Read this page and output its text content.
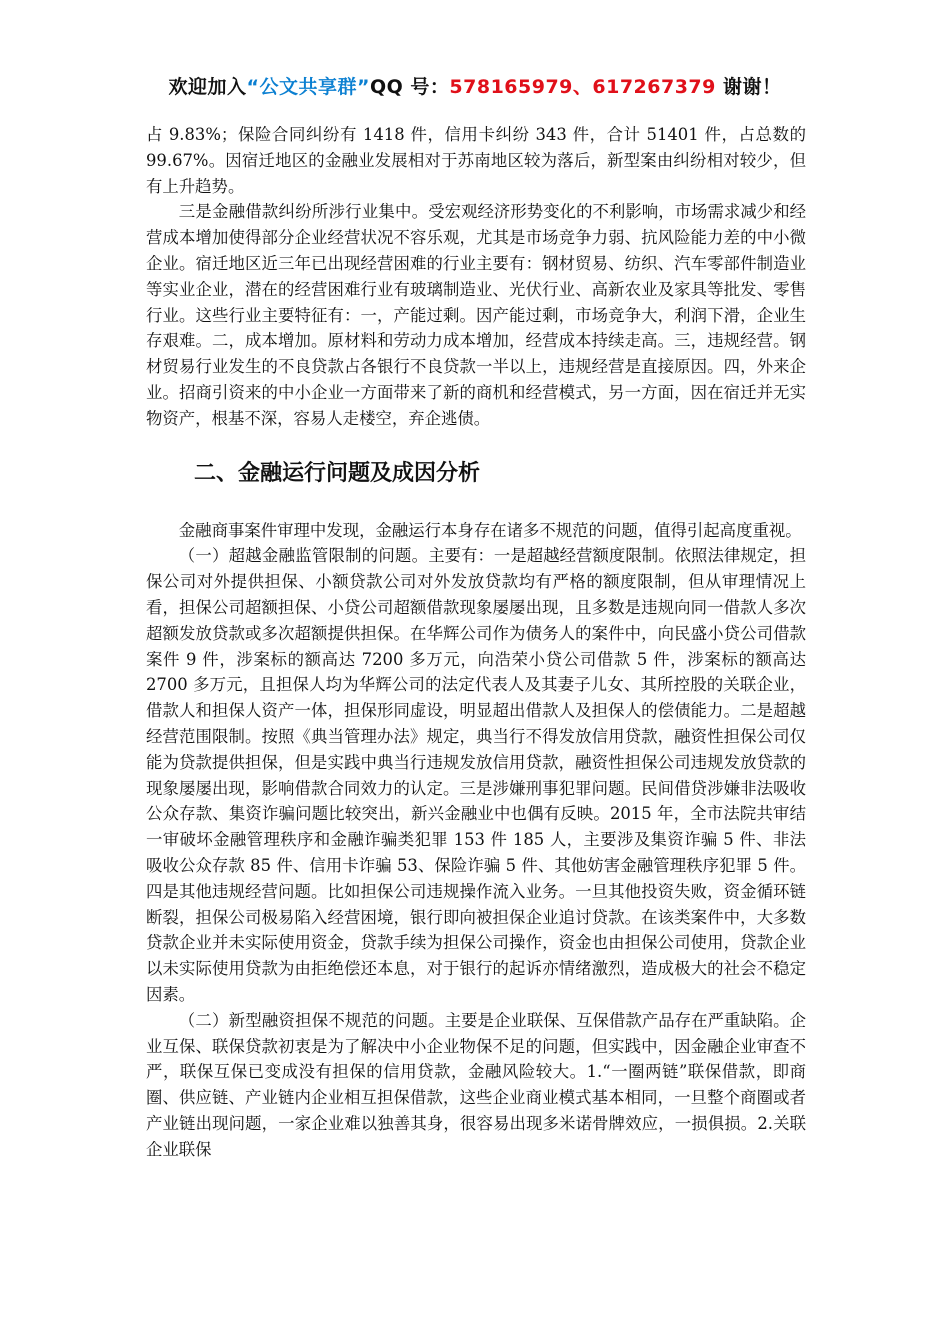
欢迎加入“公文共享群”QQ 号：578165979、617267379 谢谢！

占 9.83%；保险合同纠纷有 1418 件，信用卡纠纷 343 件，合计 51401 件，占总数的 99.67%。因宿迁地区的金融业发展相对于苏南地区较为落后，新型案由纠纷相对较少，但有上升趋势。

三是金融借款纠纷所涉行业集中。受宏观经济形势变化的不利影响，市场需求减少和经营成本增加使得部分企业经营状况不容乐观，尤其是市场竞争力弱、抗风险能力差的中小微企业。宿迁地区近三年已出现经营困难的行业主要有：钢材贸易、纺织、汽车零部件制造业等实业企业，潜在的经营困难行业有玻璃制造业、光伏行业、高新农业及家具等批发、零售行业。这些行业主要特征有：一，产能过剩。因产能过剩，市场竞争大，利润下滑，企业生存艰难。二，成本增加。原材料和劳动力成本增加，经营成本持续走高。三，违规经营。钢材贸易行业发生的不良贷款占各银行不良贷款一半以上，违规经营是直接原因。四，外来企业。招商引资来的中小企业一方面带来了新的商机和经营模式，另一方面，因在宿迁并无实物资产，根基不深，容易人走楼空，弃企逃债。

二、金融运行问题及成因分析

金融商事案件审理中发现，金融运行本身存在诸多不规范的问题，值得引起高度重视。

（一）超越金融监管限制的问题。主要有：一是超越经营额度限制。依照法律规定，担保公司对外提供担保、小额贷款公司对外发放贷款均有严格的额度限制，但从审理情况上看，担保公司超额担保、小贷公司超额借款现象屡屡出现，且多数是违规向同一借款人多次超额发放贷款或多次超额提供担保。在华辉公司作为债务人的案件中，向民盛小贷公司借款案件 9 件，涉案标的额高达 7200 多万元，向浩荣小贷公司借款 5 件，涉案标的额高达 2700 多万元，且担保人均为华辉公司的法定代表人及其妻子儿女、其所控股的关联企业，借款人和担保人资产一体，担保形同虚设，明显超出借款人及担保人的偿债能力。二是超越经营范围限制。按照《典当管理办法》规定，典当行不得发放信用贷款，融资性担保公司仅能为贷款提供担保，但是实践中典当行违规发放信用贷款，融资性担保公司违规发放贷款的现象屡屡出现，影响借款合同效力的认定。三是涉嫌刑事犯罪问题。民间借贷涉嫌非法吸收公众存款、集资诈骗问题比较突出，新兴金融业中也偶有反映。2015 年，全市法院共审结一审破坏金融管理秩序和金融诈骗类犯罪 153 件 185 人，主要涉及集资诈骗 5 件、非法吸收公众存款 85 件、信用卡诈骗 53、保险诈骗 5 件、其他妨害金融管理秩序犯罪 5 件。四是其他违规经营问题。比如担保公司违规操作流入业务。一旦其他投资失败，资金循环链断裂，担保公司极易陷入经营困境，银行即向被担保企业追讨贷款。在该类案件中，大多数贷款企业并未实际使用资金，贷款手续为担保公司操作，资金也由担保公司使用，贷款企业以未实际使用贷款为由拒绝偿还本息，对于银行的起诉亦情绪激烈，造成极大的社会不稳定因素。

（二）新型融资担保不规范的问题。主要是企业联保、互保借款产品存在严重缺陷。企业互保、联保贷款初衷是为了解决中小企业物保不足的问题，但实践中，因金融企业审查不严，联保互保已变成没有担保的信用贷款，金融风险较大。1.“一圈两链”联保借款，即商圈、供应链、产业链内企业相互担保借款，这些企业商业模式基本相同，一旦整个商圈或者产业链出现问题，一家企业难以独善其身，很容易出现多米诺骨牌效应，一损俱损。2.关联企业联保
